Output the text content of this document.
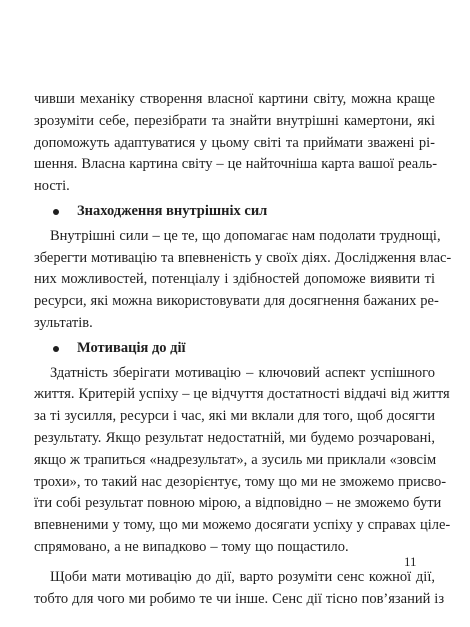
чивши механіку створення власної картини світу, можна краще
зрозуміти себе, перезібрати та знайти внутрішні камертони, які
допоможуть адаптуватися у цьому світі та приймати зважені рі-
шення. Власна картина світу – це найточніша карта вашої реаль-
ності.

Знаходження внутрішніх сил

Внутрішні сили – це те, що допомагає нам подолати труднощі,
зберегти мотивацію та впевненість у своїх діях. Дослідження влас-
них можливостей, потенціалу і здібностей допоможе виявити ті
ресурси, які можна використовувати для досягнення бажаних ре-
зультатів.

Мотивація до дії

Здатність зберігати мотивацію – ключовий аспект успішного
життя. Критерій успіху – це відчуття достатності віддачі від життя
за ті зусилля, ресурси і час, які ми вклали для того, щоб досягти
результату. Якщо результат недостатній, ми будемо розчаровані,
якщо ж трапиться «надрезультат», а зусиль ми приклали «зовсім
трохи», то такий нас дезорієнтує, тому що ми не зможемо присво-
їти собі результат повною мірою, а відповідно – не зможемо бути
впевненими у тому, що ми можемо досягати успіху у справах ціле-
спрямовано, а не випадково – тому що пощастило.

Щоби мати мотивацію до дії, варто розуміти сенс кожної дії,
тобто для чого ми робимо те чи інше. Сенс дії тісно пов’язаний із

11
